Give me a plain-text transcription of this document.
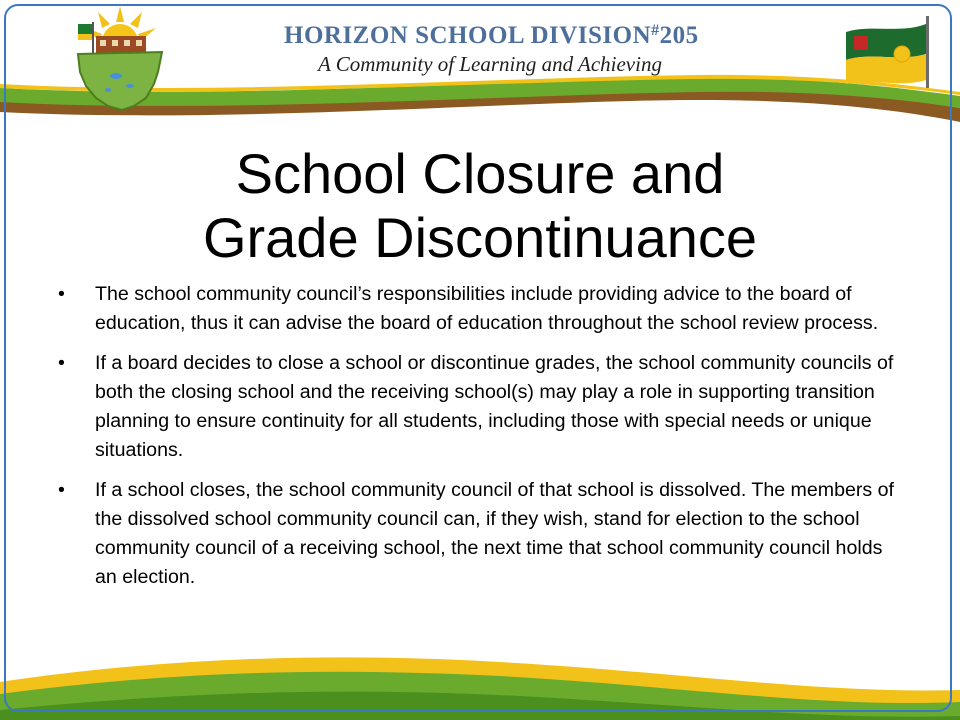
HORIZON SCHOOL DIVISION#205
A Community of Learning and Achieving
School Closure and
Grade Discontinuance
•	The school community council’s responsibilities include providing advice to the board of education, thus it can advise the board of education throughout the school review process.
•	If a board decides to close a school or discontinue grades, the school community councils of both the closing school and the receiving school(s) may play a role in supporting transition planning to ensure continuity for all students, including those with special needs or unique situations.
•	If a school closes, the school community council of that school is dissolved. The members of the dissolved school community council can, if they wish, stand for election to the school community council of a receiving school, the next time that school community council holds an election.
